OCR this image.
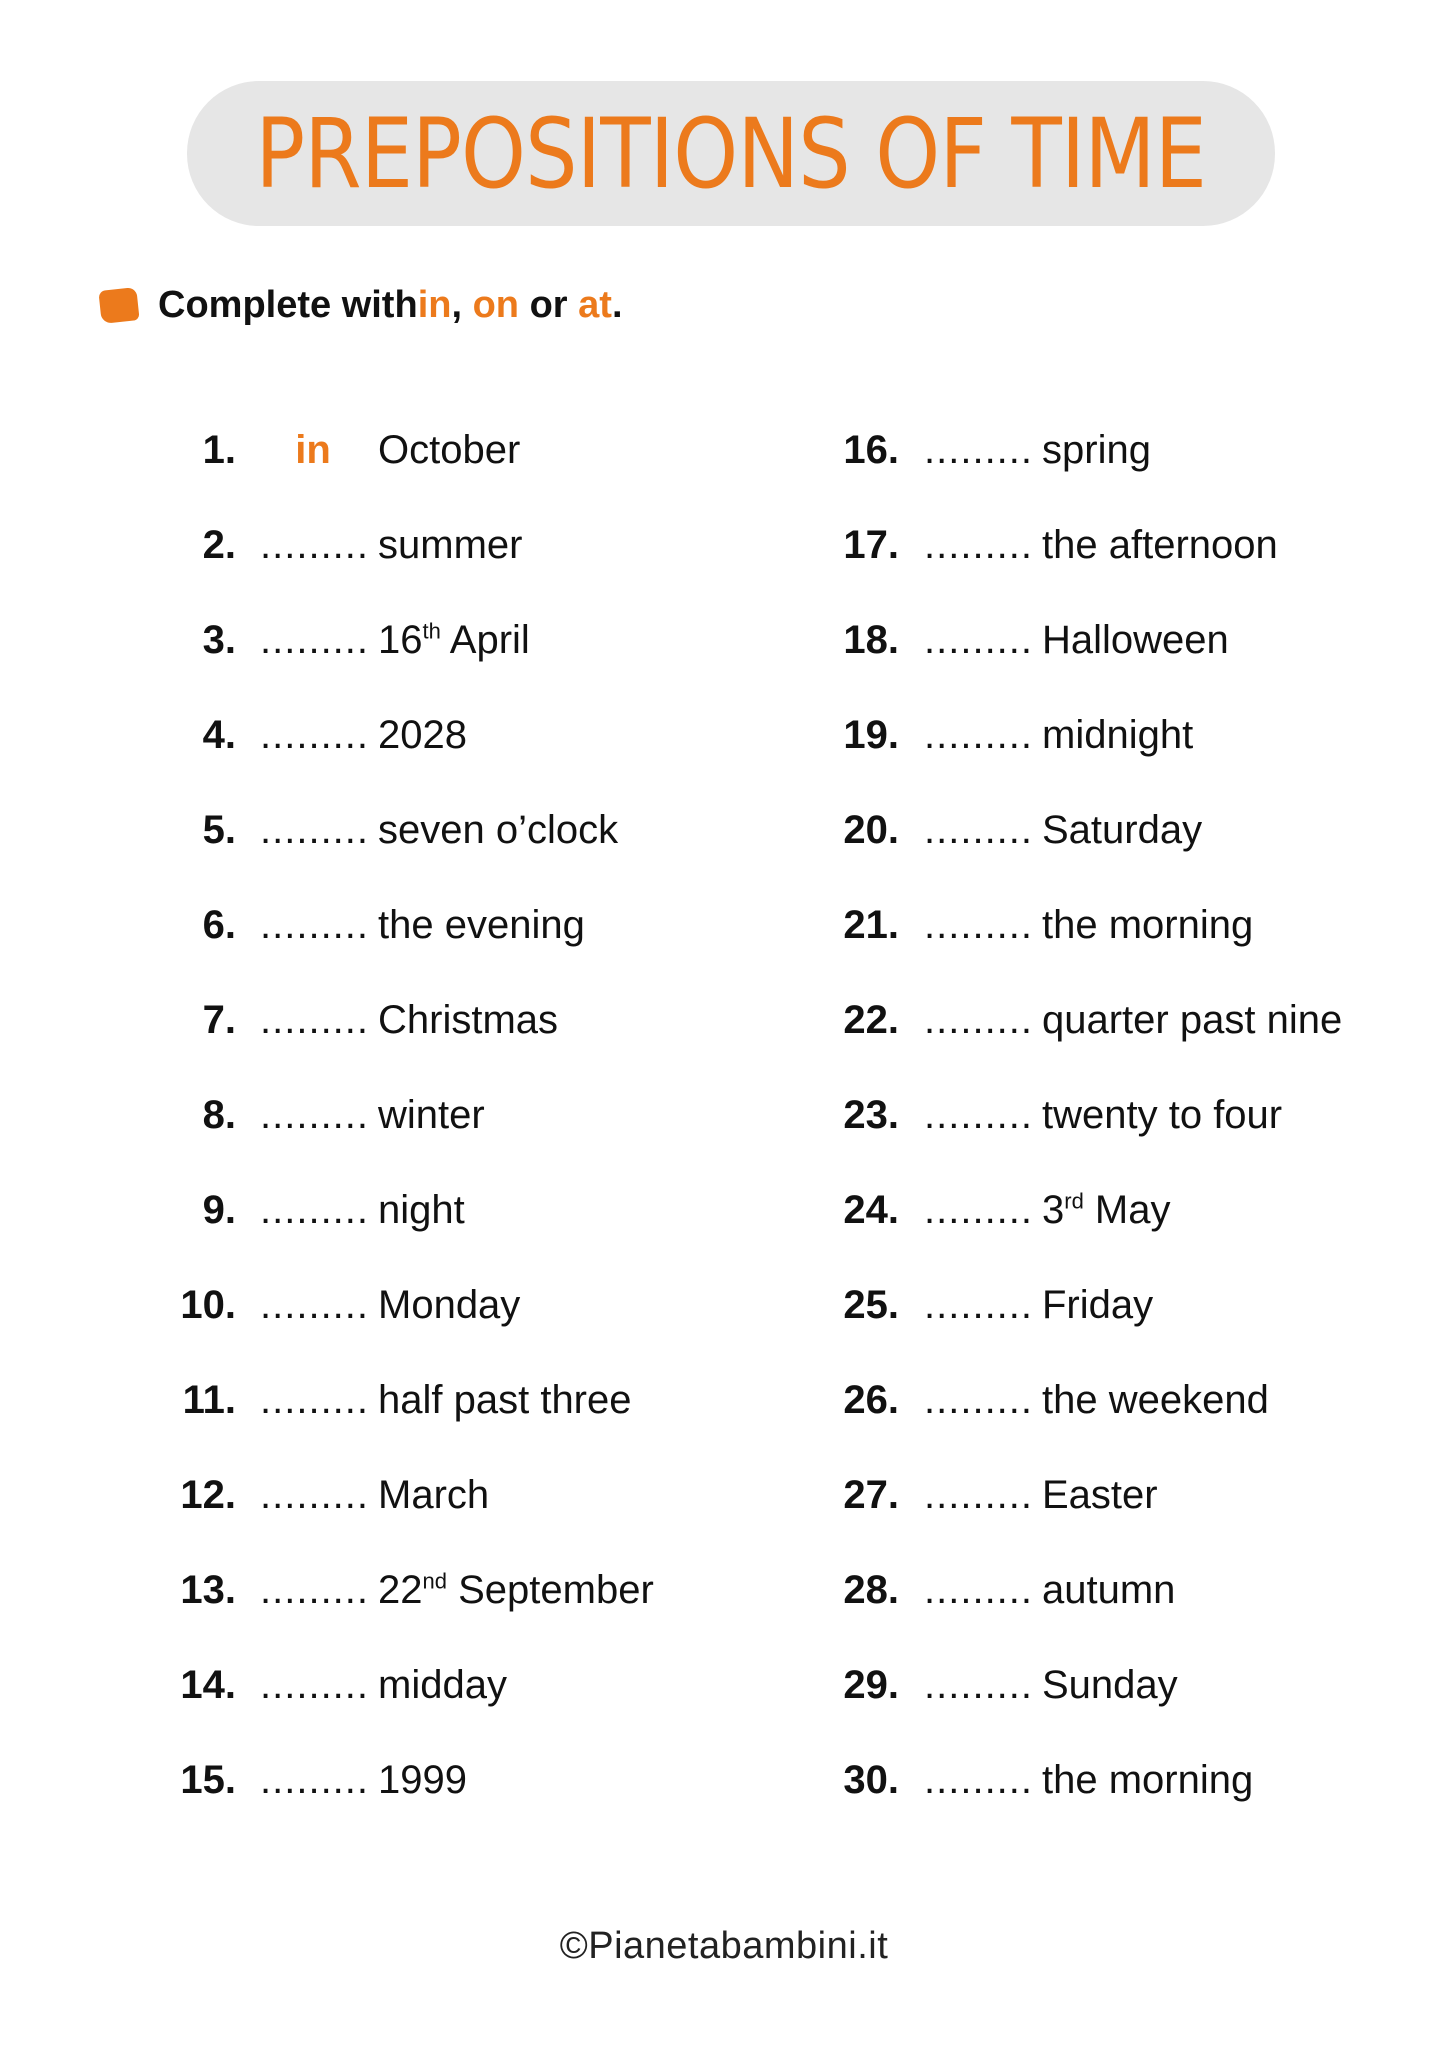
PREPOSITIONS OF TIME
Complete with in , on or at .
1.	in	October
2. ......... summer
3. ......... 16th April
4. ......... 2028
5. ......... seven o’clock
6. ......... the evening
7. ......... Christmas
8. ......... winter
9. ......... night
10. ......... Monday
11. ......... half past three
12. ......... March
13. ......... 22nd September
14. ......... midday
15. ......... 1999
16. ......... spring
17. ......... the afternoon
18. ......... Halloween
19. ......... midnight
20. ......... Saturday
21. ......... the morning
22. ......... quarter past nine
23. ......... twenty to four
24. ......... 3rd May
25. ......... Friday
26. ......... the weekend
27. ......... Easter
28. ......... autumn
29. ......... Sunday
30. ......... the morning
©Pianetabambini.it
